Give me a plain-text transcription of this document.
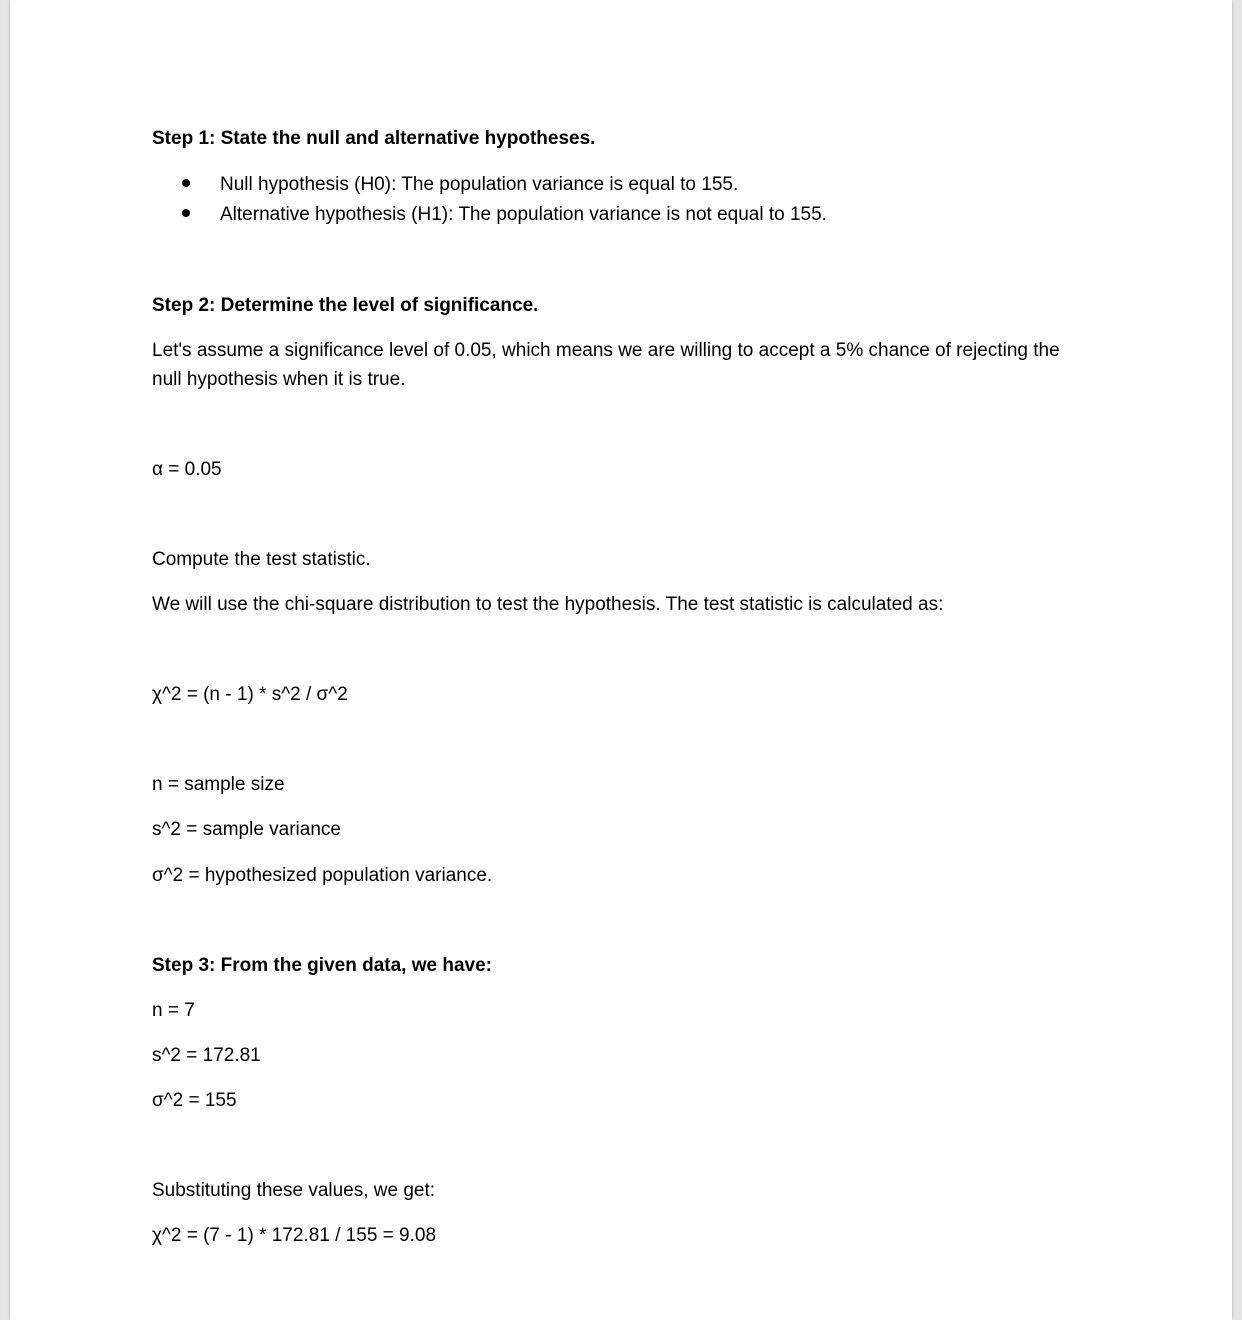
Step 1: State the null and alternative hypotheses.
Null hypothesis (H0): The population variance is equal to 155.
Alternative hypothesis (H1): The population variance is not equal to 155.
Step 2: Determine the level of significance.
Let's assume a significance level of 0.05, which means we are willing to accept a 5% chance of rejecting the null hypothesis when it is true.
α = 0.05
Compute the test statistic.
We will use the chi-square distribution to test the hypothesis. The test statistic is calculated as:
χ^2 = (n - 1) * s^2 / σ^2
n = sample size
s^2 = sample variance
σ^2 = hypothesized population variance.
Step 3: From the given data, we have:
n = 7
s^2 = 172.81
σ^2 = 155
Substituting these values, we get:
χ^2 = (7 - 1) * 172.81 / 155 = 9.08
